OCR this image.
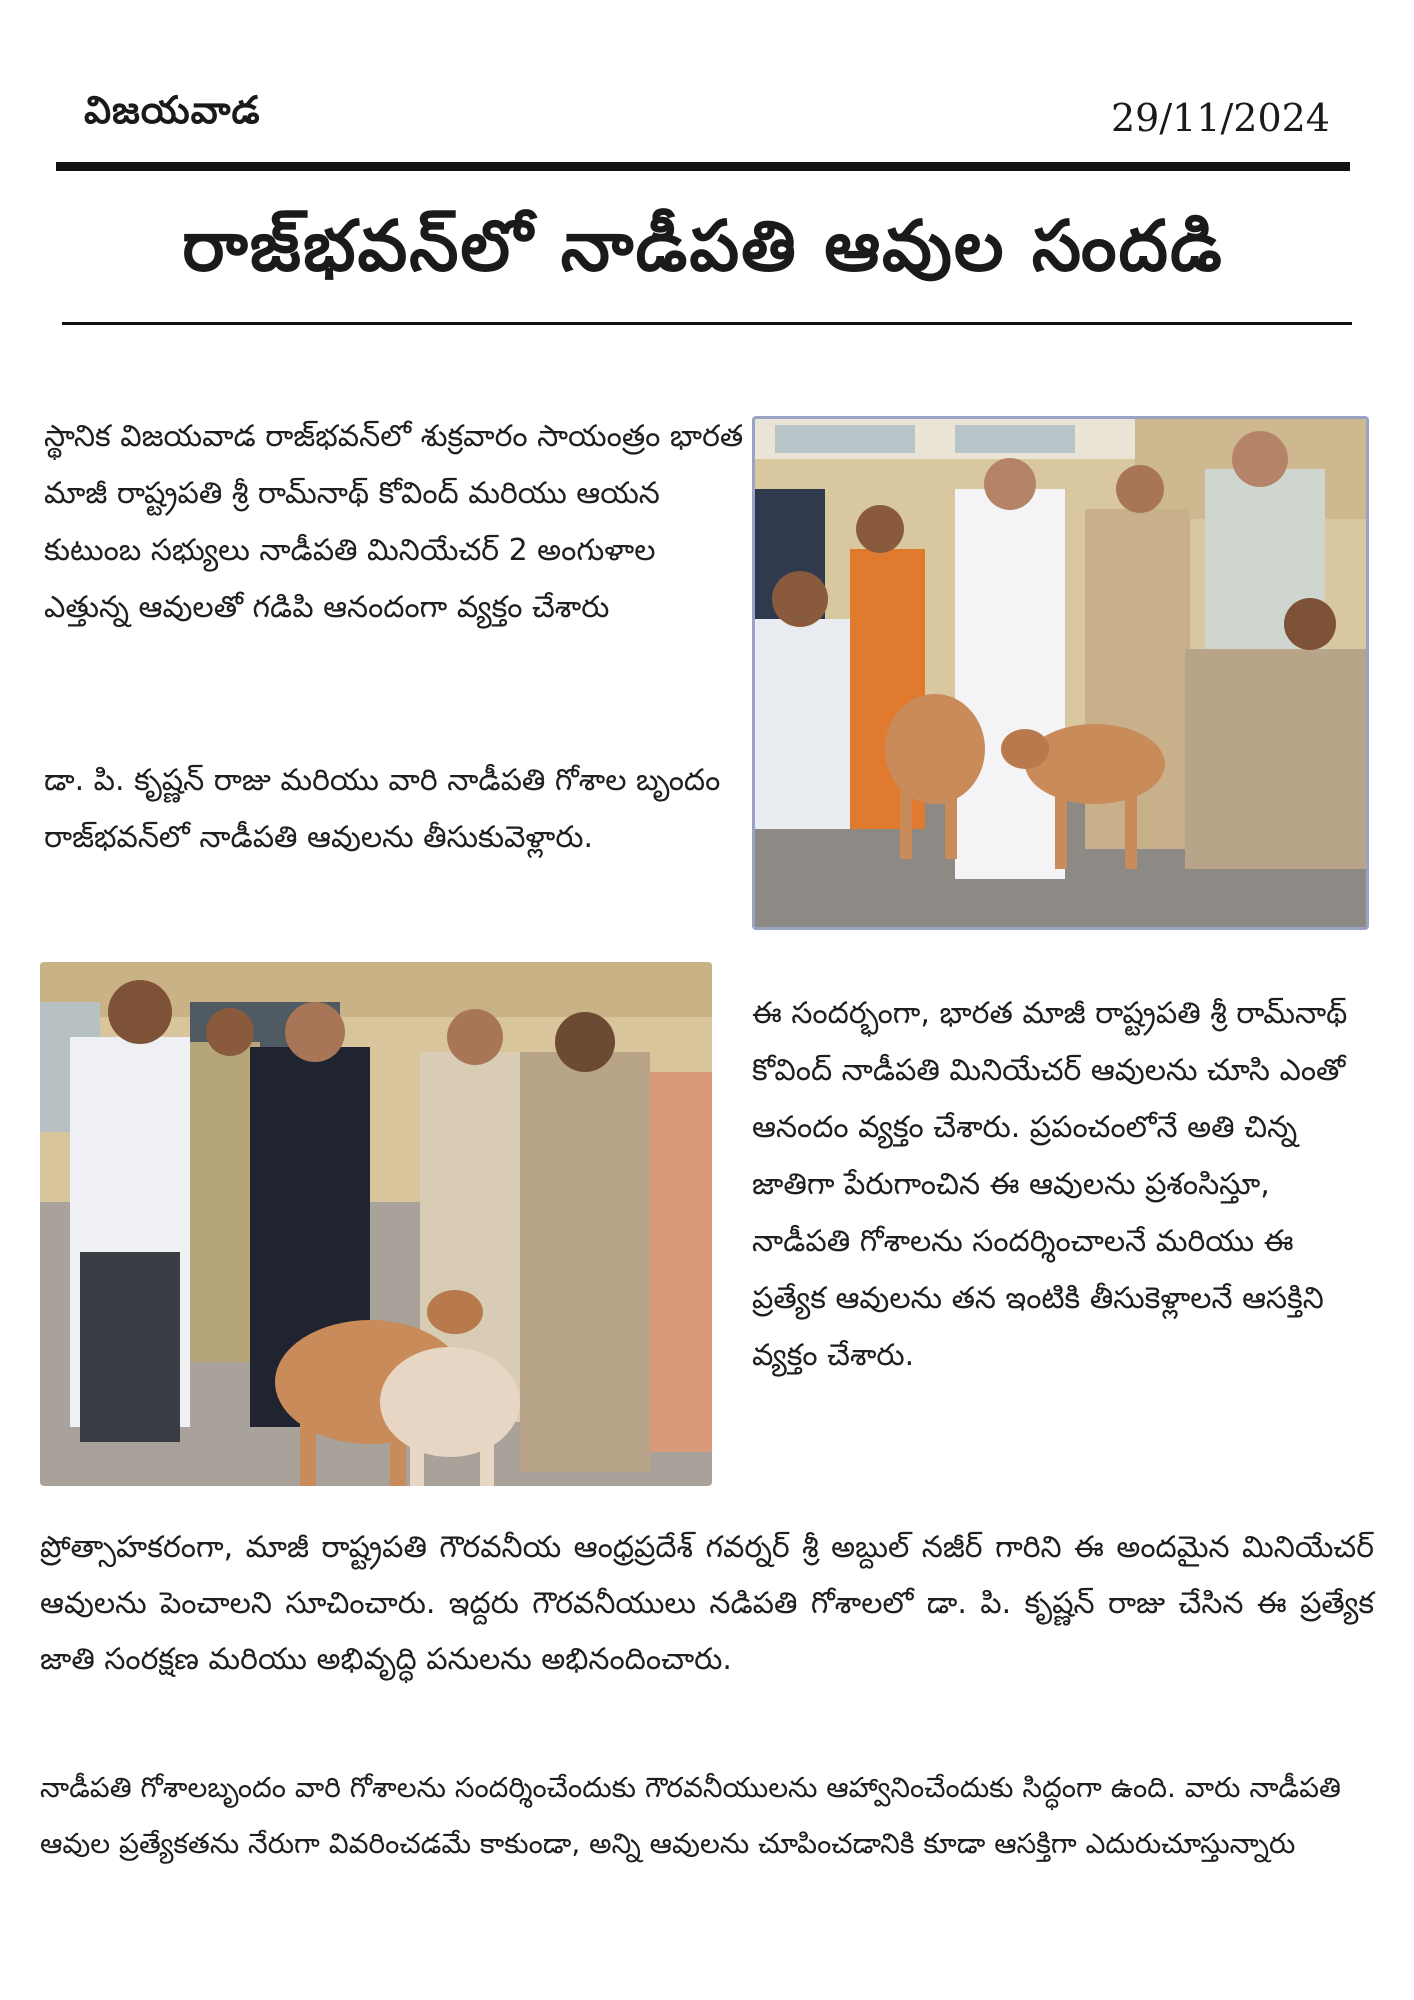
విజయవాడ	29/11/2024
రాజ్‌భవన్‌లో నాడీపతి ఆవుల సందడి

స్థానిక విజయవాడ రాజ్‌భవన్‌లో శుక్రవారం సాయంత్రం భారత మాజీ రాష్ట్రపతి శ్రీ రామ్‌నాథ్ కోవింద్ మరియు ఆయన కుటుంబ సభ్యులు నాడీపతి మినియేచర్ 2 అంగుళాల ఎత్తున్న ఆవులతో గడిపి ఆనందంగా వ్యక్తం చేశారు

డా. పి. కృష్ణన్ రాజు మరియు వారి నాడీపతి గోశాల బృందం రాజ్‌భవన్‌లో నాడీపతి ఆవులను తీసుకువెళ్లారు.

ఈ సందర్భంగా, భారత మాజీ రాష్ట్రపతి శ్రీ రామ్‌నాథ్ కోవింద్ నాడీపతి మినియేచర్ ఆవులను చూసి ఎంతో ఆనందం వ్యక్తం చేశారు. ప్రపంచంలోనే అతి చిన్న జాతిగా పేరుగాంచిన ఈ ఆవులను ప్రశంసిస్తూ, నాడీపతి గోశాలను సందర్శించాలనే మరియు ఈ ప్రత్యేక ఆవులను తన ఇంటికి తీసుకెళ్లాలనే ఆసక్తిని వ్యక్తం చేశారు.

ప్రోత్సాహకరంగా, మాజీ రాష్ట్రపతి గౌరవనీయ ఆంధ్రప్రదేశ్ గవర్నర్ శ్రీ అబ్దుల్ నజీర్ గారిని ఈ అందమైన మినియేచర్ ఆవులను పెంచాలని సూచించారు. ఇద్దరు గౌరవనీయులు నడిపతి గోశాలలో డా. పి. కృష్ణన్ రాజు చేసిన ఈ ప్రత్యేక జాతి సంరక్షణ మరియు అభివృద్ధి పనులను అభినందించారు.

నాడీపతి గోశాలబృందం వారి గోశాలను సందర్శించేందుకు గౌరవనీయులను ఆహ్వానించేందుకు సిద్ధంగా ఉంది. వారు నాడీపతి ఆవుల ప్రత్యేకతను నేరుగా వివరించడమే కాకుండా, అన్ని ఆవులను చూపించడానికి కూడా ఆసక్తిగా ఎదురుచూస్తున్నారు
